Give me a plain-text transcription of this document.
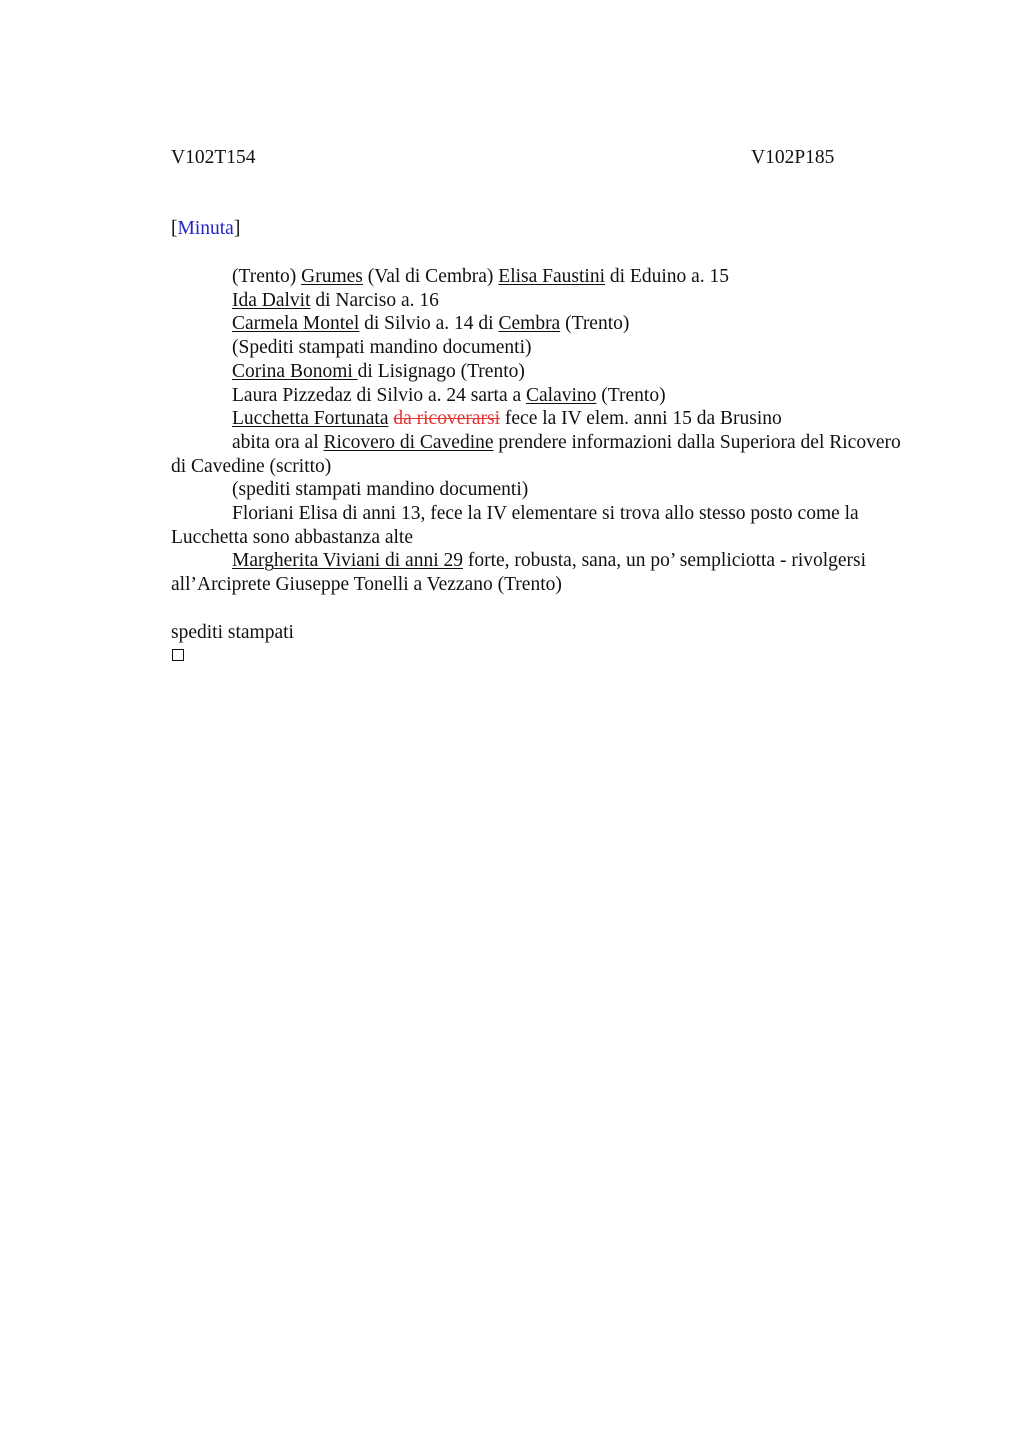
V102T154	V102P185
[Minuta]

(Trento) Grumes (Val di Cembra) Elisa Faustini di Eduino a. 15

Ida Dalvit di Narciso a. 16

Carmela Montel di Silvio a. 14 di Cembra (Trento)

(Spediti stampati mandino documenti)

Corina Bonomi di Lisignago (Trento)

Laura Pizzedaz di Silvio a. 24 sarta a Calavino (Trento)

Lucchetta Fortunata da ricoverarsi fece la IV elem. anni 15 da Brusino

abita ora al Ricovero di Cavedine prendere informazioni dalla Superiora del Ricovero di Cavedine (scritto)

(spediti stampati mandino documenti)

Floriani Elisa di anni 13, fece la IV elementare si trova allo stesso posto come la Lucchetta sono abbastanza alte

Margherita Viviani di anni 29 forte, robusta, sana, un po’ sempliciotta - rivolgersi all’Arciprete Giuseppe Tonelli a Vezzano (Trento)

spediti stampati
